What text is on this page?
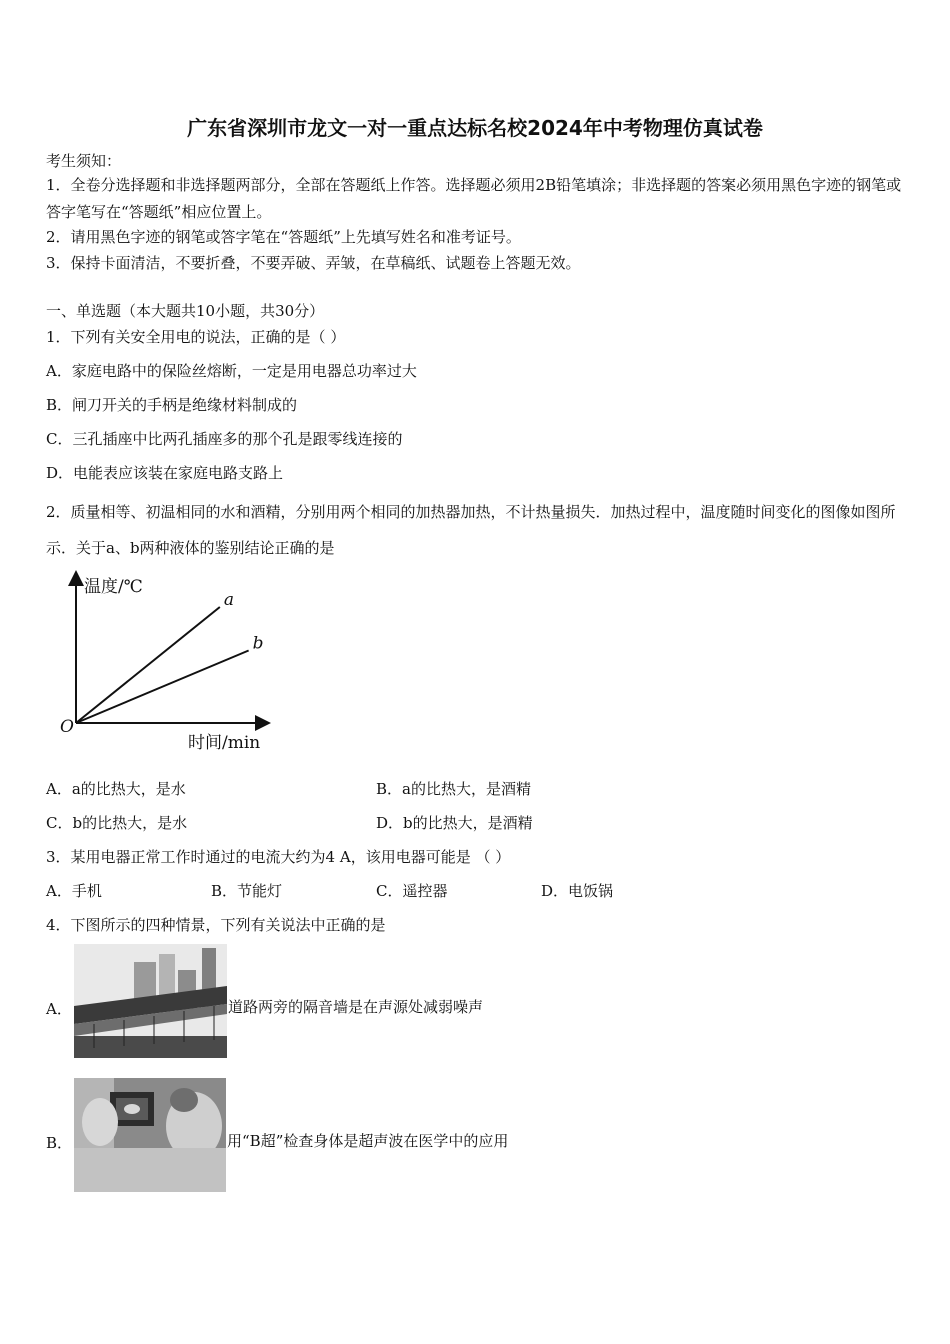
广东省深圳市龙文一对一重点达标名校2024年中考物理仿真试卷
考生须知：
1．全卷分选择题和非选择题两部分，全部在答题纸上作答。选择题必须用2B铅笔填涂；非选择题的答案必须用黑色字迹的钢笔或答字笔写在“答题纸”相应位置上。
2．请用黑色字迹的钢笔或答字笔在“答题纸”上先填写姓名和准考证号。
3．保持卡面清洁，不要折叠，不要弄破、弄皱，在草稿纸、试题卷上答题无效。
一、单选题（本大题共10小题，共30分）
1．下列有关安全用电的说法，正确的是（ ）
A．家庭电路中的保险丝熔断，一定是用电器总功率过大
B．闸刀开关的手柄是绝缘材料制成的
C．三孔插座中比两孔插座多的那个孔是跟零线连接的
D．电能表应该装在家庭电路支路上
2．质量相等、初温相同的水和酒精，分别用两个相同的加热器加热，不计热量损失．加热过程中，温度随时间变化的图像如图所示．关于a、b两种液体的鉴别结论正确的是
温度/℃
时间/min
O
a
b
A．a的比热大，是水	B．a的比热大，是酒精
C．b的比热大，是水	D．b的比热大，是酒精
3．某用电器正常工作时通过的电流大约为4 A，该用电器可能是 （ ）
A．手机	B．节能灯	C．遥控器	D．电饭锅
4．下图所示的四种情景，下列有关说法中正确的是
A．	道路两旁的隔音墙是在声源处减弱噪声
B．	用“B超”检查身体是超声波在医学中的应用
